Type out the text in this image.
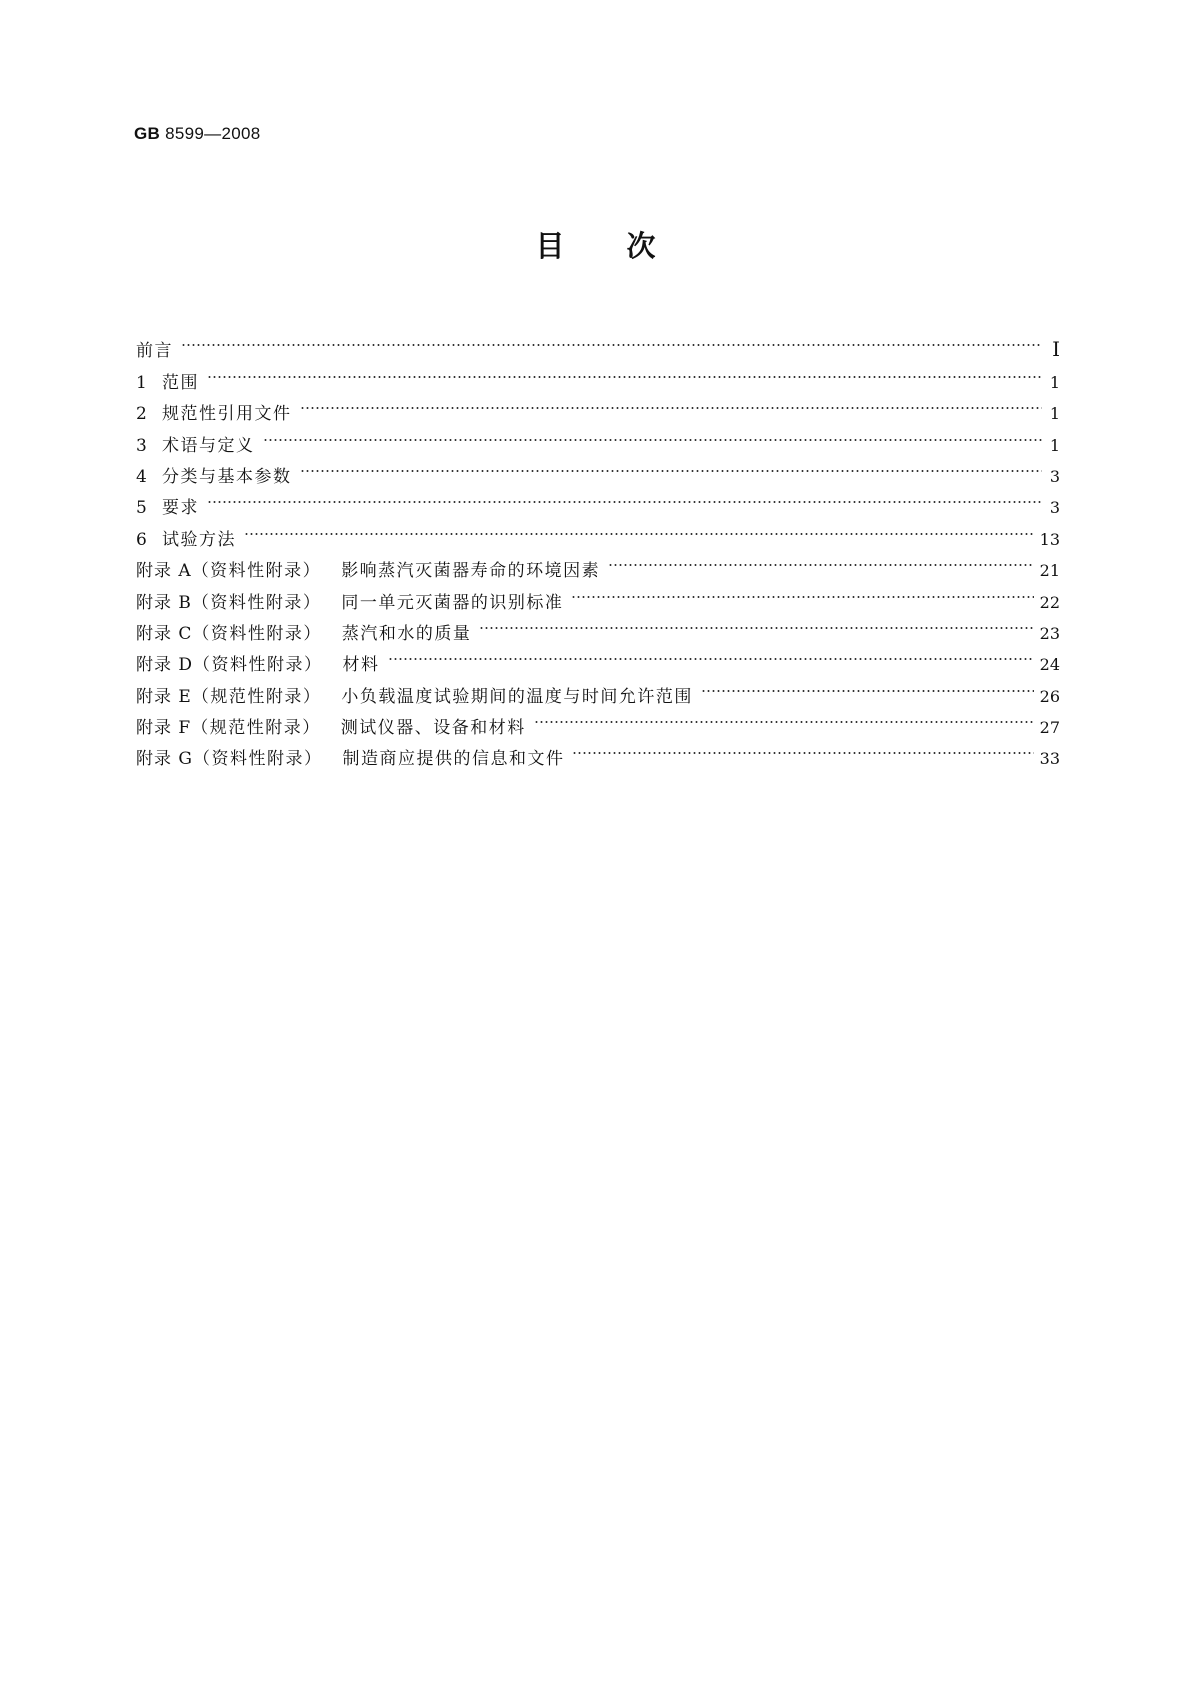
GB 8599—2008
目 次
前言	Ⅰ
1 范围	1
2 规范性引用文件	1
3 术语与定义	1
4 分类与基本参数	3
5 要求	3
6 试验方法	13
附录 A（资料性附录） 影响蒸汽灭菌器寿命的环境因素	21
附录 B（资料性附录） 同一单元灭菌器的识别标准	22
附录 C（资料性附录） 蒸汽和水的质量	23
附录 D（资料性附录） 材料	24
附录 E（规范性附录） 小负载温度试验期间的温度与时间允许范围	26
附录 F（规范性附录） 测试仪器、设备和材料	27
附录 G（资料性附录） 制造商应提供的信息和文件	33
